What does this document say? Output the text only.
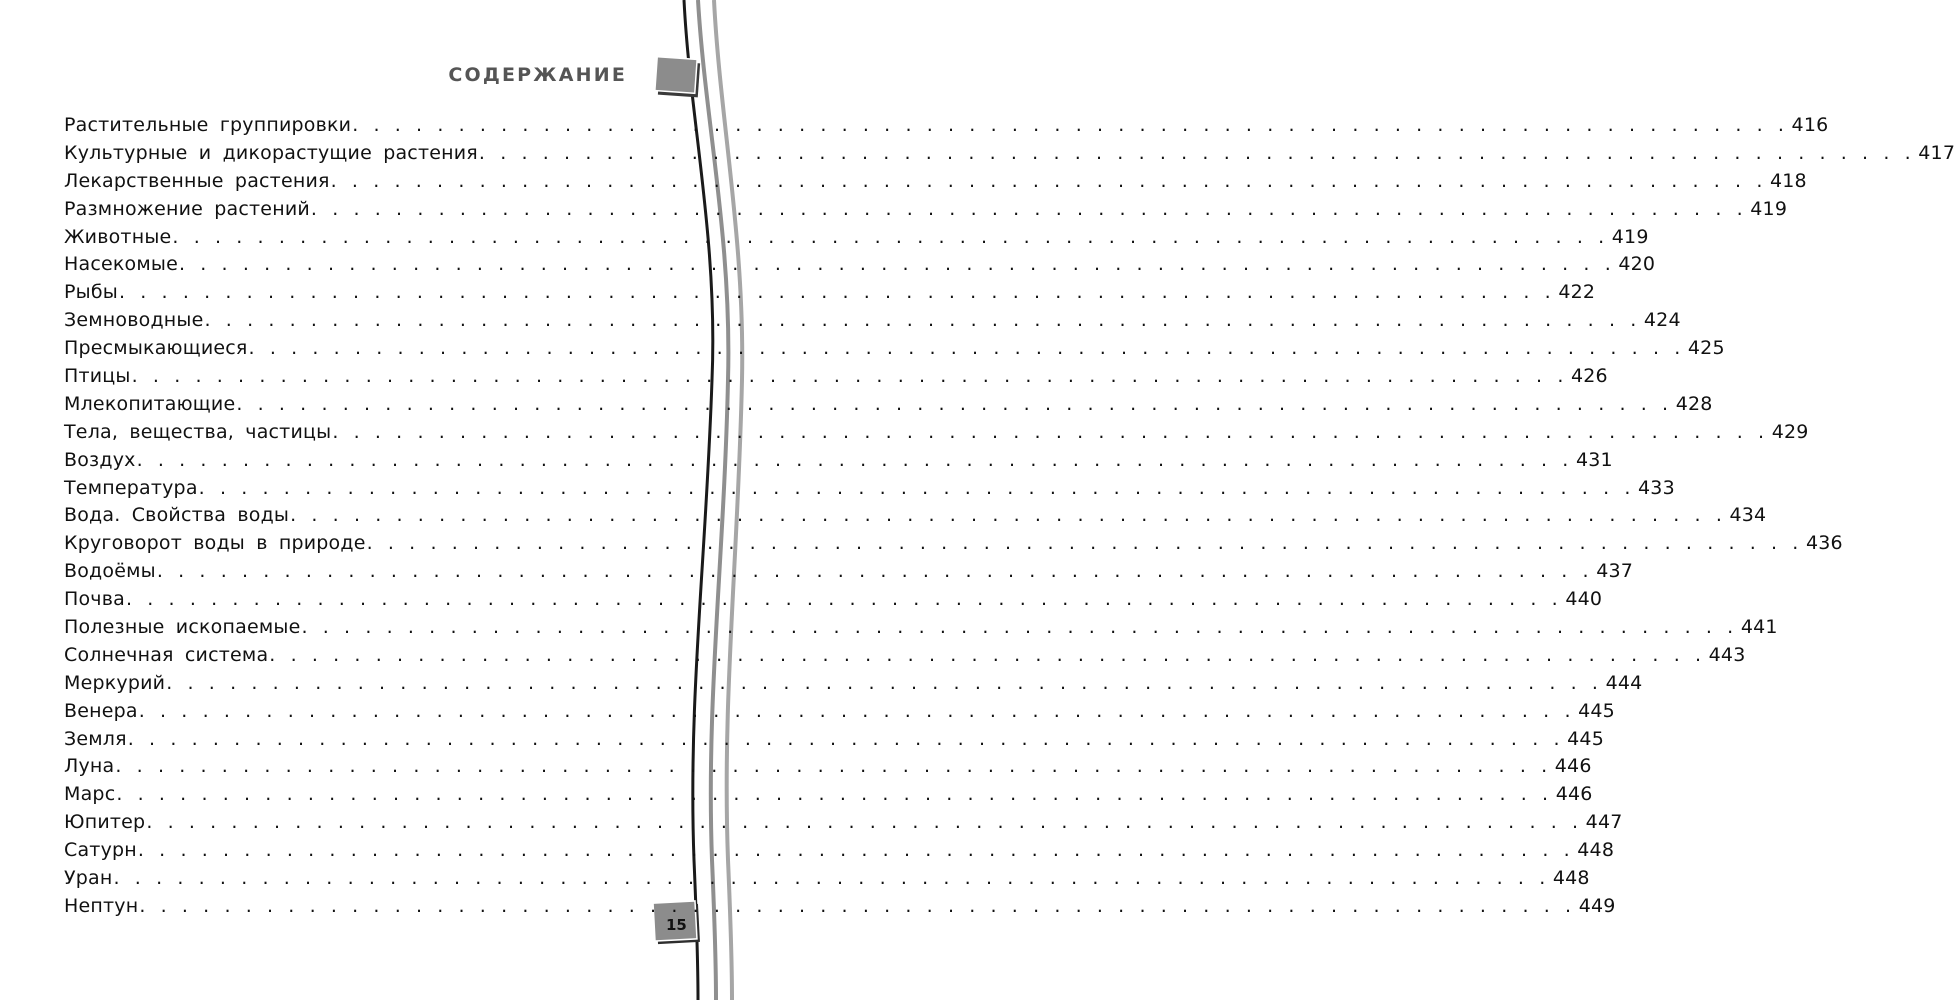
СОДЕРЖАНИЕ
Растительные группировки . . . . . . . . . . . . . . . . . . . . . . . . . . . . . . . . . . . . . . . . . . . . . . . . . . . . . . . . . . . . . . . . . . . . 416
Культурные и дикорастущие растения . . . . . . . . . . . . . . . . . . . . . . . . . . . . . . . . . . . . . . . . . . . . . . . . . . . . . . . . . . . . . . . . . . . . 417
Лекарственные растения . . . . . . . . . . . . . . . . . . . . . . . . . . . . . . . . . . . . . . . . . . . . . . . . . . . . . . . . . . . . . . . . . . . . 418
Размножение растений . . . . . . . . . . . . . . . . . . . . . . . . . . . . . . . . . . . . . . . . . . . . . . . . . . . . . . . . . . . . . . . . . . . . 419
Животные . . . . . . . . . . . . . . . . . . . . . . . . . . . . . . . . . . . . . . . . . . . . . . . . . . . . . . . . . . . . . . . . . . . . 419
Насекомые . . . . . . . . . . . . . . . . . . . . . . . . . . . . . . . . . . . . . . . . . . . . . . . . . . . . . . . . . . . . . . . . . . . . 420
Рыбы . . . . . . . . . . . . . . . . . . . . . . . . . . . . . . . . . . . . . . . . . . . . . . . . . . . . . . . . . . . . . . . . . . . . 422
Земноводные . . . . . . . . . . . . . . . . . . . . . . . . . . . . . . . . . . . . . . . . . . . . . . . . . . . . . . . . . . . . . . . . . . . . 424
Пресмыкающиеся . . . . . . . . . . . . . . . . . . . . . . . . . . . . . . . . . . . . . . . . . . . . . . . . . . . . . . . . . . . . . . . . . . . . 425
Птицы . . . . . . . . . . . . . . . . . . . . . . . . . . . . . . . . . . . . . . . . . . . . . . . . . . . . . . . . . . . . . . . . . . . . 426
Млекопитающие . . . . . . . . . . . . . . . . . . . . . . . . . . . . . . . . . . . . . . . . . . . . . . . . . . . . . . . . . . . . . . . . . . . . 428
Тела, вещества, частицы . . . . . . . . . . . . . . . . . . . . . . . . . . . . . . . . . . . . . . . . . . . . . . . . . . . . . . . . . . . . . . . . . . . . 429
Воздух . . . . . . . . . . . . . . . . . . . . . . . . . . . . . . . . . . . . . . . . . . . . . . . . . . . . . . . . . . . . . . . . . . . . 431
Температура . . . . . . . . . . . . . . . . . . . . . . . . . . . . . . . . . . . . . . . . . . . . . . . . . . . . . . . . . . . . . . . . . . . . 433
Вода. Свойства воды . . . . . . . . . . . . . . . . . . . . . . . . . . . . . . . . . . . . . . . . . . . . . . . . . . . . . . . . . . . . . . . . . . . . 434
Круговорот воды в природе . . . . . . . . . . . . . . . . . . . . . . . . . . . . . . . . . . . . . . . . . . . . . . . . . . . . . . . . . . . . . . . . . . . . 436
Водоёмы . . . . . . . . . . . . . . . . . . . . . . . . . . . . . . . . . . . . . . . . . . . . . . . . . . . . . . . . . . . . . . . . . . . . 437
Почва . . . . . . . . . . . . . . . . . . . . . . . . . . . . . . . . . . . . . . . . . . . . . . . . . . . . . . . . . . . . . . . . . . . . 440
Полезные ископаемые . . . . . . . . . . . . . . . . . . . . . . . . . . . . . . . . . . . . . . . . . . . . . . . . . . . . . . . . . . . . . . . . . . . . 441
Солнечная система . . . . . . . . . . . . . . . . . . . . . . . . . . . . . . . . . . . . . . . . . . . . . . . . . . . . . . . . . . . . . . . . . . . . 443
Меркурий . . . . . . . . . . . . . . . . . . . . . . . . . . . . . . . . . . . . . . . . . . . . . . . . . . . . . . . . . . . . . . . . . . . . 444
Венера . . . . . . . . . . . . . . . . . . . . . . . . . . . . . . . . . . . . . . . . . . . . . . . . . . . . . . . . . . . . . . . . . . . . 445
Земля . . . . . . . . . . . . . . . . . . . . . . . . . . . . . . . . . . . . . . . . . . . . . . . . . . . . . . . . . . . . . . . . . . . . 445
Луна . . . . . . . . . . . . . . . . . . . . . . . . . . . . . . . . . . . . . . . . . . . . . . . . . . . . . . . . . . . . . . . . . . . . 446
Марс . . . . . . . . . . . . . . . . . . . . . . . . . . . . . . . . . . . . . . . . . . . . . . . . . . . . . . . . . . . . . . . . . . . . 446
Юпитер . . . . . . . . . . . . . . . . . . . . . . . . . . . . . . . . . . . . . . . . . . . . . . . . . . . . . . . . . . . . . . . . . . . . 447
Сатурн . . . . . . . . . . . . . . . . . . . . . . . . . . . . . . . . . . . . . . . . . . . . . . . . . . . . . . . . . . . . . . . . . . . . 448
Уран . . . . . . . . . . . . . . . . . . . . . . . . . . . . . . . . . . . . . . . . . . . . . . . . . . . . . . . . . . . . . . . . . . . . 448
Нептун . . . . . . . . . . . . . . . . . . . . . . . . . . . . . . . . . . . . . . . . . . . . . . . . . . . . . . . . . . . . . . . . . . . . 449
15
